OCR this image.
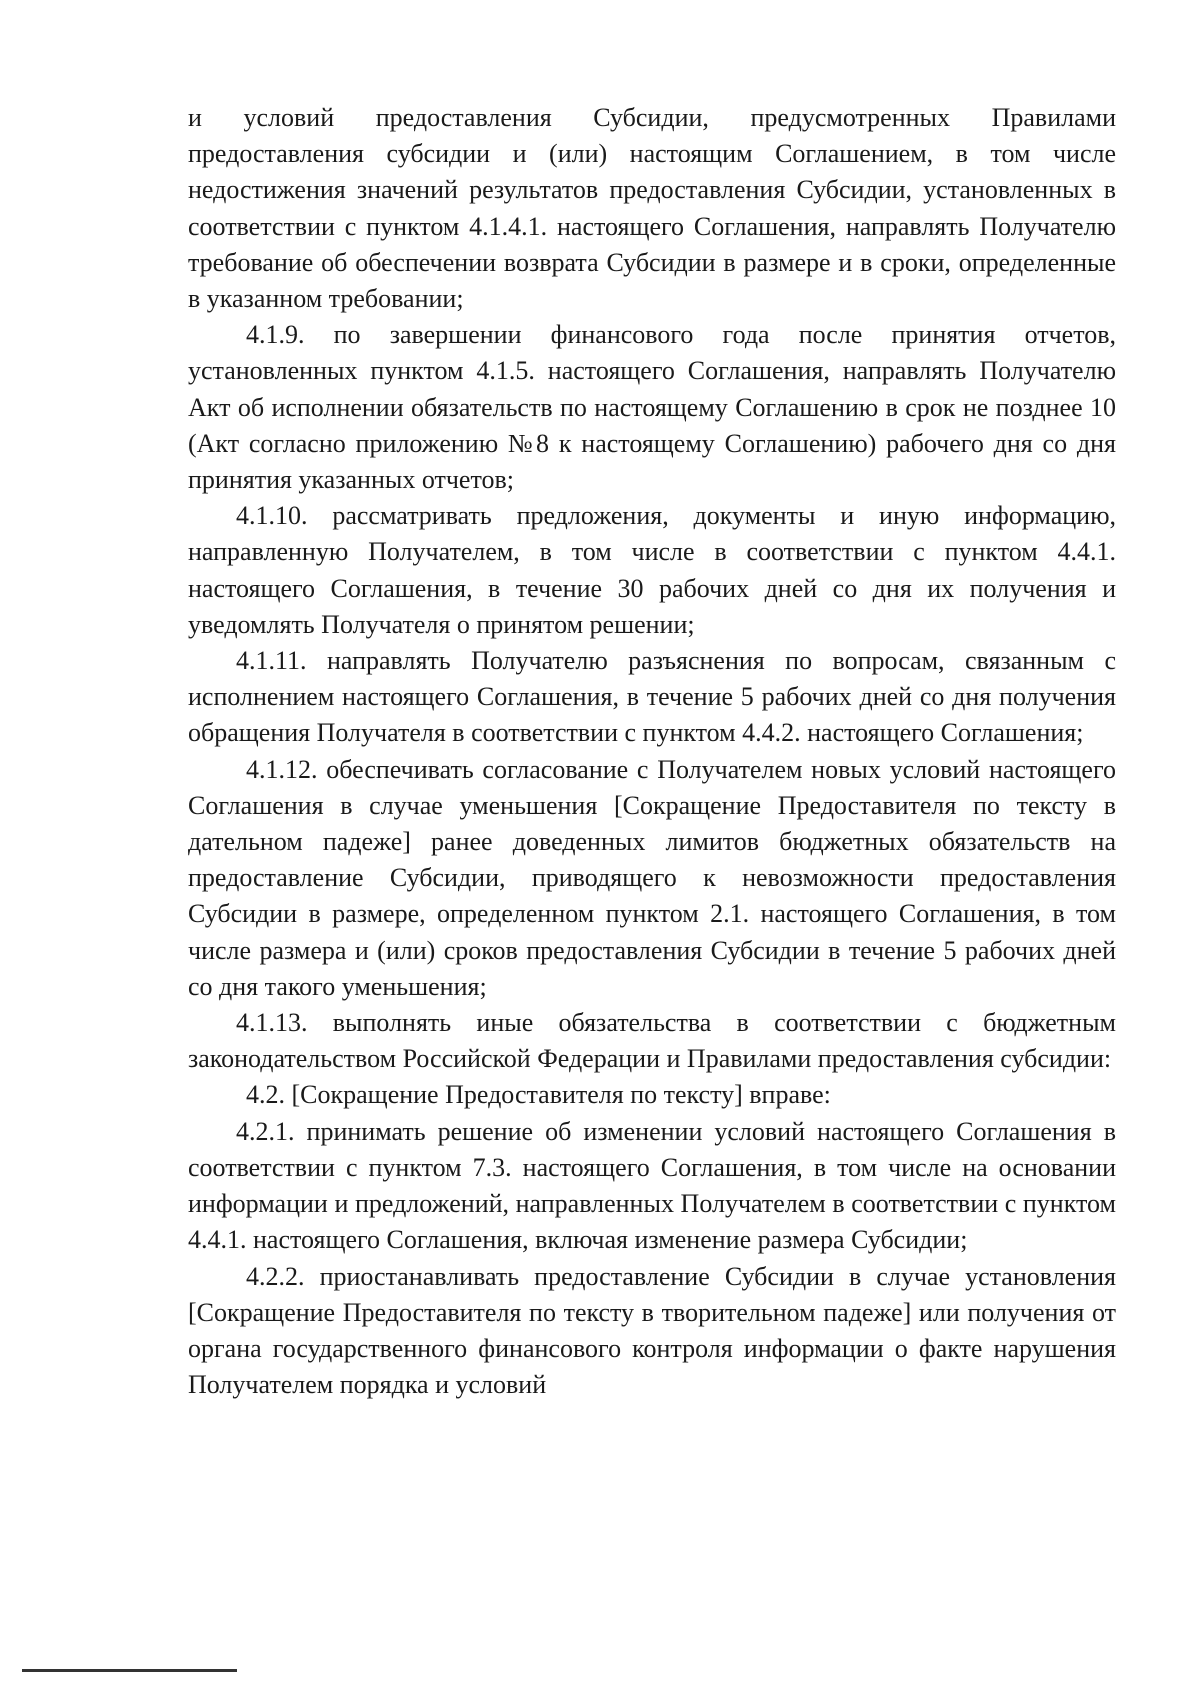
и условий предоставления Субсидии, предусмотренных Правилами предоставления субсидии и (или) настоящим Соглашением, в том числе недостижения значений результатов предоставления Субсидии, установленных в соответствии с пунктом 4.1.4.1. настоящего Соглашения, направлять Получателю требование об обеспечении возврата Субсидии в размере и в сроки, определенные в указанном требовании;

4.1.9. по завершении финансового года после принятия отчетов, установленных пунктом 4.1.5. настоящего Соглашения, направлять Получателю Акт об исполнении обязательств по настоящему Соглашению в срок не позднее 10 (Акт согласно приложению №8 к настоящему Соглашению) рабочего дня со дня принятия указанных отчетов;

4.1.10. рассматривать предложения, документы и иную информацию, направленную Получателем, в том числе в соответствии с пунктом 4.4.1. настоящего Соглашения, в течение 30 рабочих дней со дня их получения и уведомлять Получателя о принятом решении;

4.1.11. направлять Получателю разъяснения по вопросам, связанным с исполнением настоящего Соглашения, в течение 5 рабочих дней со дня получения обращения Получателя в соответствии с пунктом 4.4.2. настоящего Соглашения;

4.1.12. обеспечивать согласование с Получателем новых условий настоящего Соглашения в случае уменьшения [Сокращение Предоставителя по тексту в дательном падеже] ранее доведенных лимитов бюджетных обязательств на предоставление Субсидии, приводящего к невозможности предоставления Субсидии в размере, определенном пунктом 2.1. настоящего Соглашения, в том числе размера и (или) сроков предоставления Субсидии в течение 5 рабочих дней со дня такого уменьшения;

4.1.13. выполнять иные обязательства в соответствии с бюджетным законодательством Российской Федерации и Правилами предоставления субсидии:

4.2. [Сокращение Предоставителя по тексту] вправе:

4.2.1. принимать решение об изменении условий настоящего Соглашения в соответствии с пунктом 7.3. настоящего Соглашения, в том числе на основании информации и предложений, направленных Получателем в соответствии с пунктом 4.4.1. настоящего Соглашения, включая изменение размера Субсидии;

4.2.2. приостанавливать предоставление Субсидии в случае установления [Сокращение Предоставителя по тексту в творительном падеже] или получения от органа государственного финансового контроля информации о факте нарушения Получателем порядка и условий
